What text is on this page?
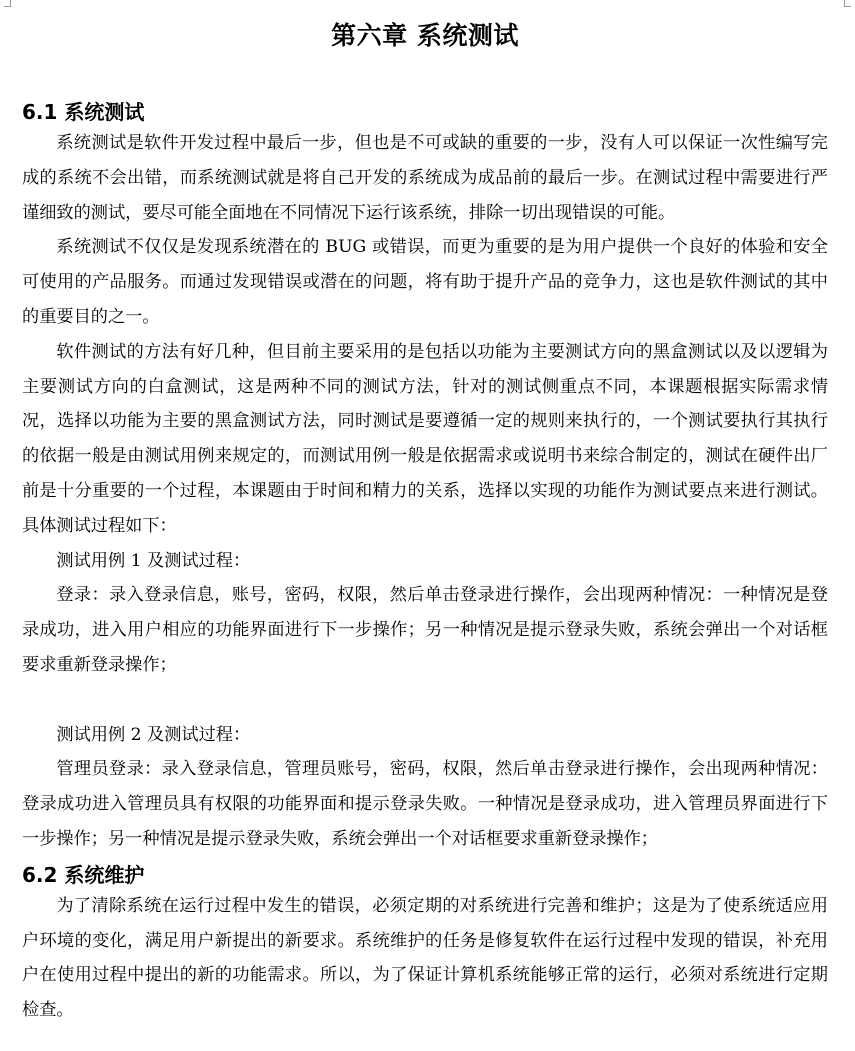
第六章 系统测试
6.1 系统测试

系统测试是软件开发过程中最后一步，但也是不可或缺的重要的一步，没有人可以保证一次性编写完成的系统不会出错，而系统测试就是将自己开发的系统成为成品前的最后一步。在测试过程中需要进行严谨细致的测试，要尽可能全面地在不同情况下运行该系统，排除一切出现错误的可能。

系统测试不仅仅是发现系统潜在的 BUG 或错误，而更为重要的是为用户提供一个良好的体验和安全可使用的产品服务。而通过发现错误或潜在的问题，将有助于提升产品的竞争力，这也是软件测试的其中的重要目的之一。

软件测试的方法有好几种，但目前主要采用的是包括以功能为主要测试方向的黑盒测试以及以逻辑为主要测试方向的白盒测试，这是两种不同的测试方法，针对的测试侧重点不同，本课题根据实际需求情况，选择以功能为主要的黑盒测试方法，同时测试是要遵循一定的规则来执行的，一个测试要执行其执行的依据一般是由测试用例来规定的，而测试用例一般是依据需求或说明书来综合制定的，测试在硬件出厂前是十分重要的一个过程，本课题由于时间和精力的关系，选择以实现的功能作为测试要点来进行测试。具体测试过程如下：

测试用例 1 及测试过程：

登录：录入登录信息，账号，密码，权限，然后单击登录进行操作，会出现两种情况：一种情况是登录成功，进入用户相应的功能界面进行下一步操作；另一种情况是提示登录失败，系统会弹出一个对话框要求重新登录操作；

测试用例 2 及测试过程：

管理员登录：录入登录信息，管理员账号，密码，权限，然后单击登录进行操作，会出现两种情况：登录成功进入管理员具有权限的功能界面和提示登录失败。一种情况是登录成功，进入管理员界面进行下一步操作；另一种情况是提示登录失败，系统会弹出一个对话框要求重新登录操作；

6.2 系统维护

为了清除系统在运行过程中发生的错误，必须定期的对系统进行完善和维护；这是为了使系统适应用户环境的变化，满足用户新提出的新要求。系统维护的任务是修复软件在运行过程中发现的错误，补充用户在使用过程中提出的新的功能需求。所以，为了保证计算机系统能够正常的运行，必须对系统进行定期检查。
